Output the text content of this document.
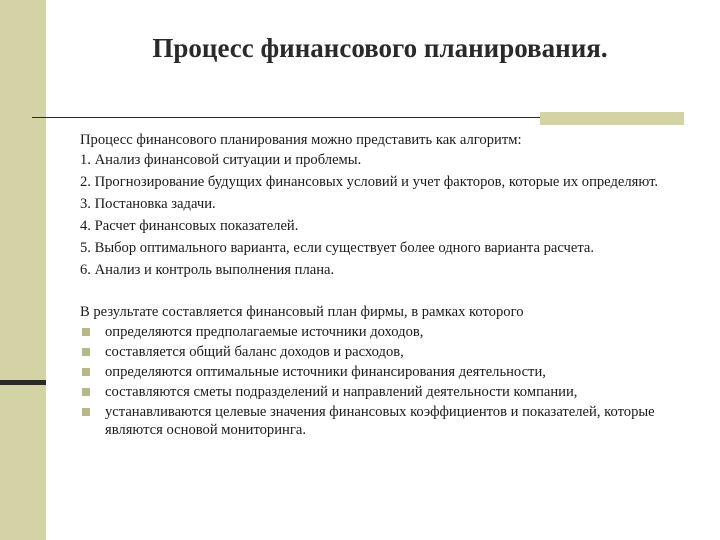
Процесс финансового планирования.

Процесс финансового планирования можно представить как алгоритм:

1. Анализ финансовой ситуации и проблемы.
2. Прогнозирование будущих финансовых условий и учет факторов, которые их определяют.
3. Постановка задачи.
4. Расчет финансовых показателей.
5. Выбор оптимального варианта, если существует более одного варианта расчета.
6. Анализ и контроль выполнения плана.

В результате составляется финансовый план фирмы, в рамках которого

определяются предполагаемые источники доходов,
составляется общий баланс доходов и расходов,
определяются оптимальные источники финансирования деятельности,
составляются сметы подразделений и направлений деятельности компании,
устанавливаются целевые значения финансовых коэффициентов и показателей, которые являются основой мониторинга.
